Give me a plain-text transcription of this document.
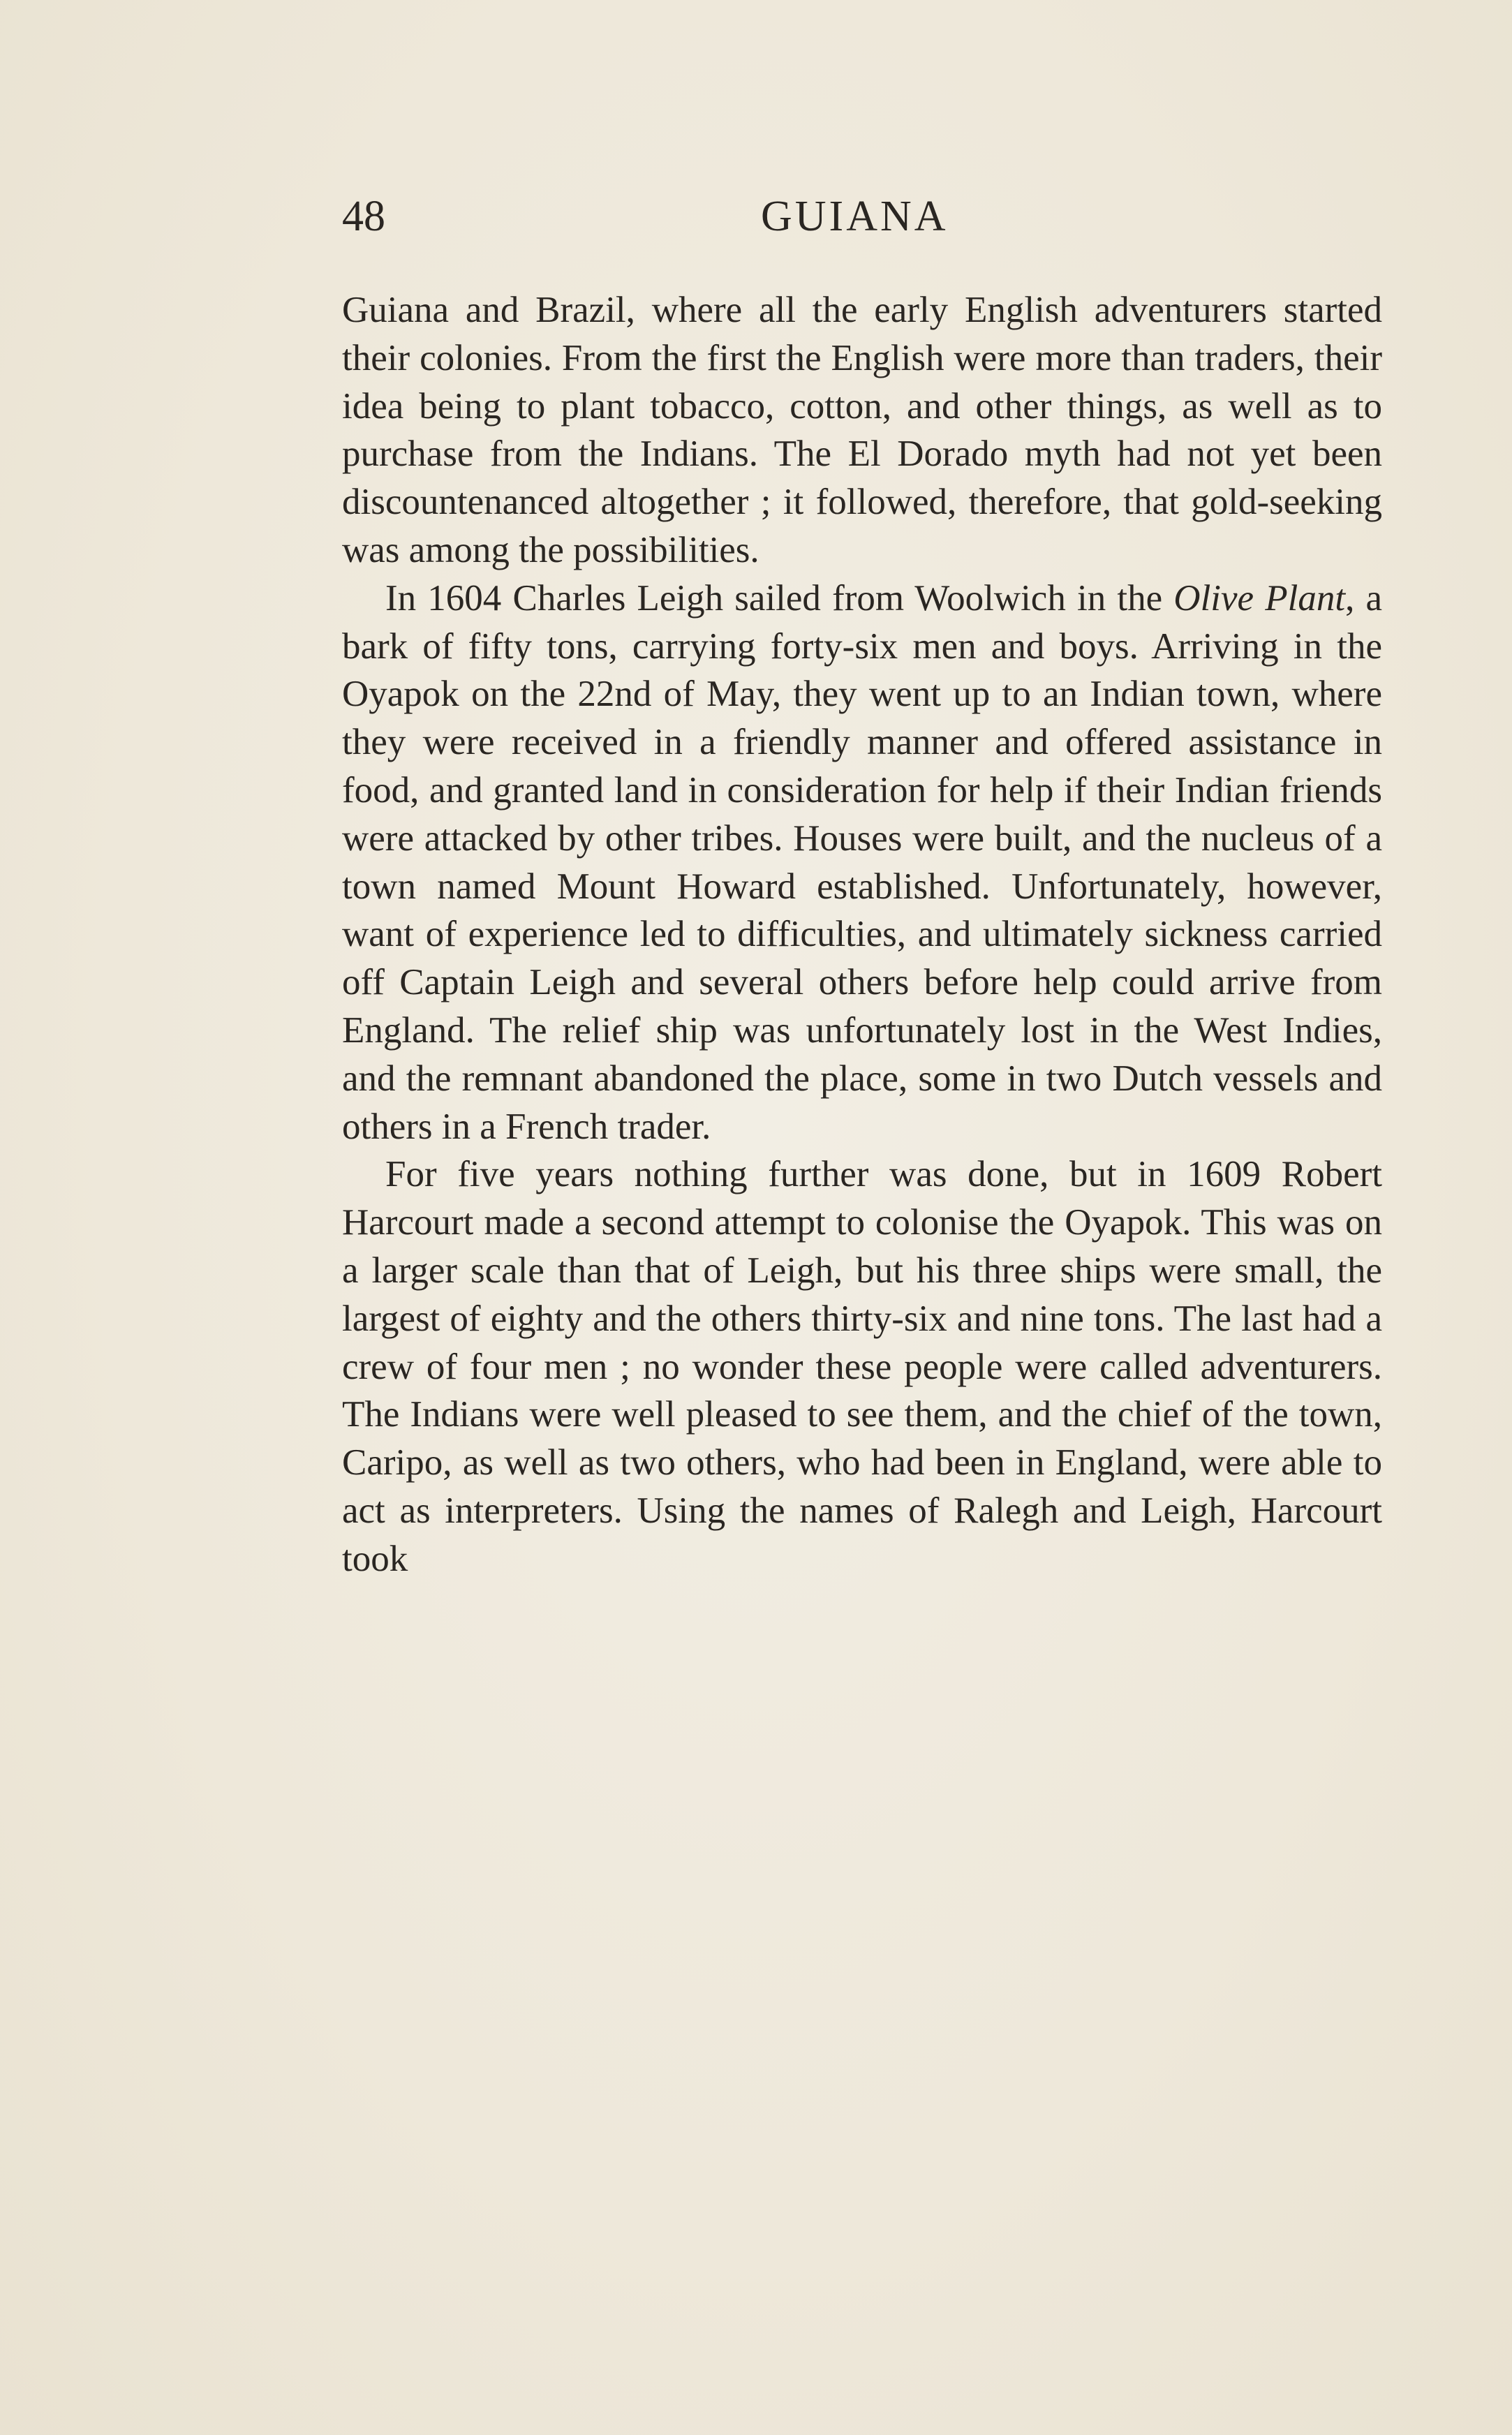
48	GUIANA

Guiana and Brazil, where all the early English adventurers started their colonies. From the first the English were more than traders, their idea being to plant tobacco, cotton, and other things, as well as to purchase from the Indians. The El Dorado myth had not yet been discountenanced altogether ; it followed, therefore, that gold-seeking was among the possibilities.

In 1604 Charles Leigh sailed from Woolwich in the Olive Plant, a bark of fifty tons, carrying forty-six men and boys. Arriving in the Oyapok on the 22nd of May, they went up to an Indian town, where they were received in a friendly manner and offered assistance in food, and granted land in consideration for help if their Indian friends were attacked by other tribes. Houses were built, and the nucleus of a town named Mount Howard established. Unfortunately, however, want of experience led to difficulties, and ultimately sickness carried off Captain Leigh and several others before help could arrive from England. The relief ship was unfortunately lost in the West Indies, and the remnant abandoned the place, some in two Dutch vessels and others in a French trader.

For five years nothing further was done, but in 1609 Robert Harcourt made a second attempt to colonise the Oyapok. This was on a larger scale than that of Leigh, but his three ships were small, the largest of eighty and the others thirty-six and nine tons. The last had a crew of four men ; no wonder these people were called adventurers. The Indians were well pleased to see them, and the chief of the town, Caripo, as well as two others, who had been in England, were able to act as interpreters. Using the names of Ralegh and Leigh, Harcourt took
